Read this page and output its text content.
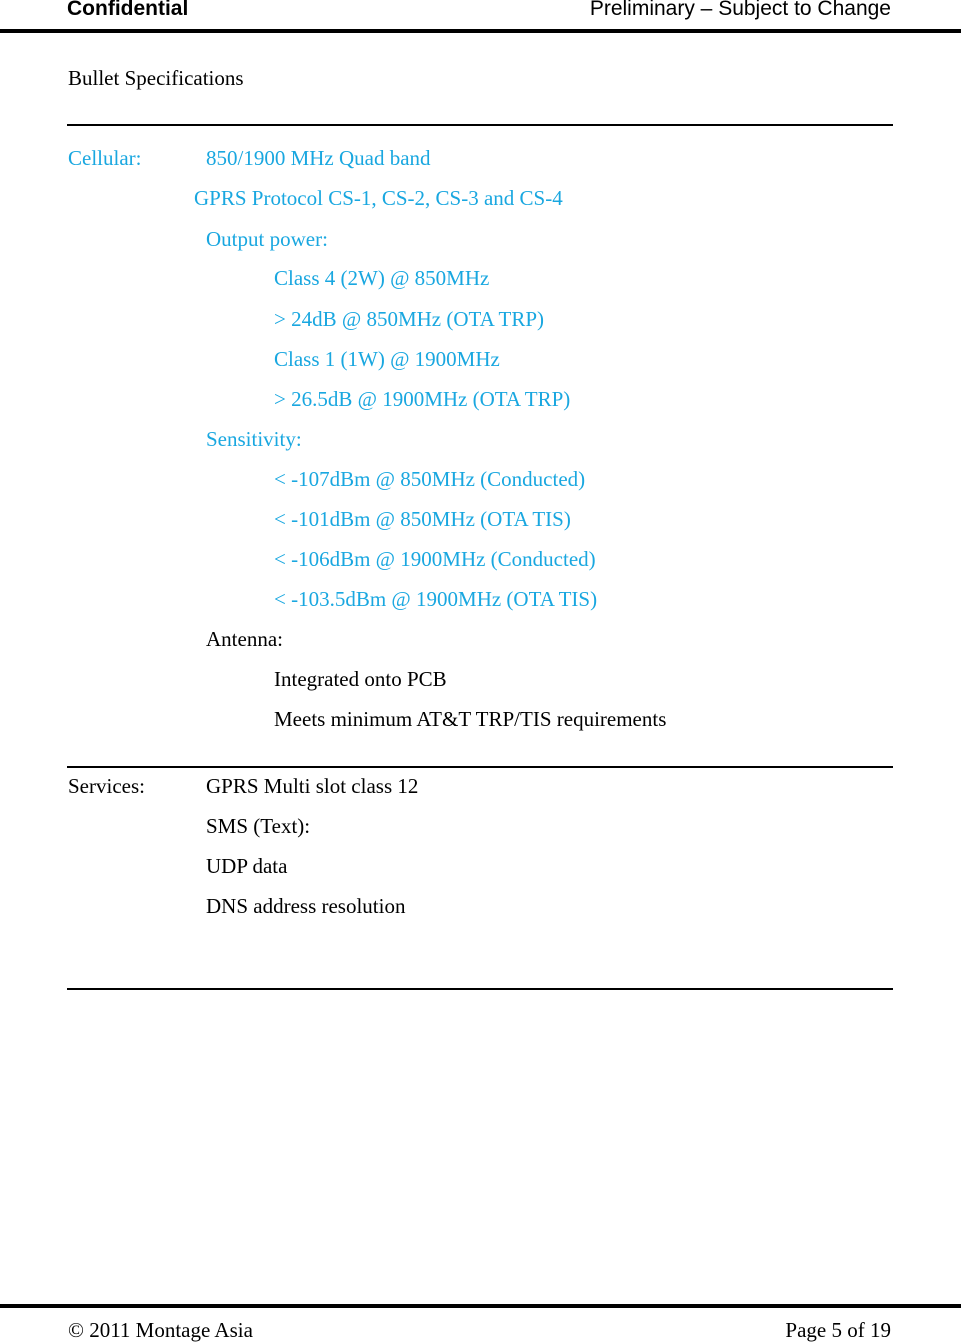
Confidential	Preliminary – Subject to Change
Bullet Specifications
Cellular:	850/1900 MHz Quad band
GPRS Protocol CS-1, CS-2, CS-3 and CS-4
Output power:
Class 4 (2W) @ 850MHz
> 24dB @ 850MHz (OTA TRP)
Class 1 (1W) @ 1900MHz
> 26.5dB @ 1900MHz (OTA TRP)
Sensitivity:
< -107dBm @ 850MHz (Conducted)
< -101dBm @ 850MHz (OTA TIS)
< -106dBm @ 1900MHz (Conducted)
< -103.5dBm @ 1900MHz (OTA TIS)
Antenna:
Integrated onto PCB
Meets minimum AT&T TRP/TIS requirements
Services:	GPRS Multi slot class 12
SMS (Text):
UDP data
DNS address resolution
© 2011 Montage Asia	Page 5 of 19
